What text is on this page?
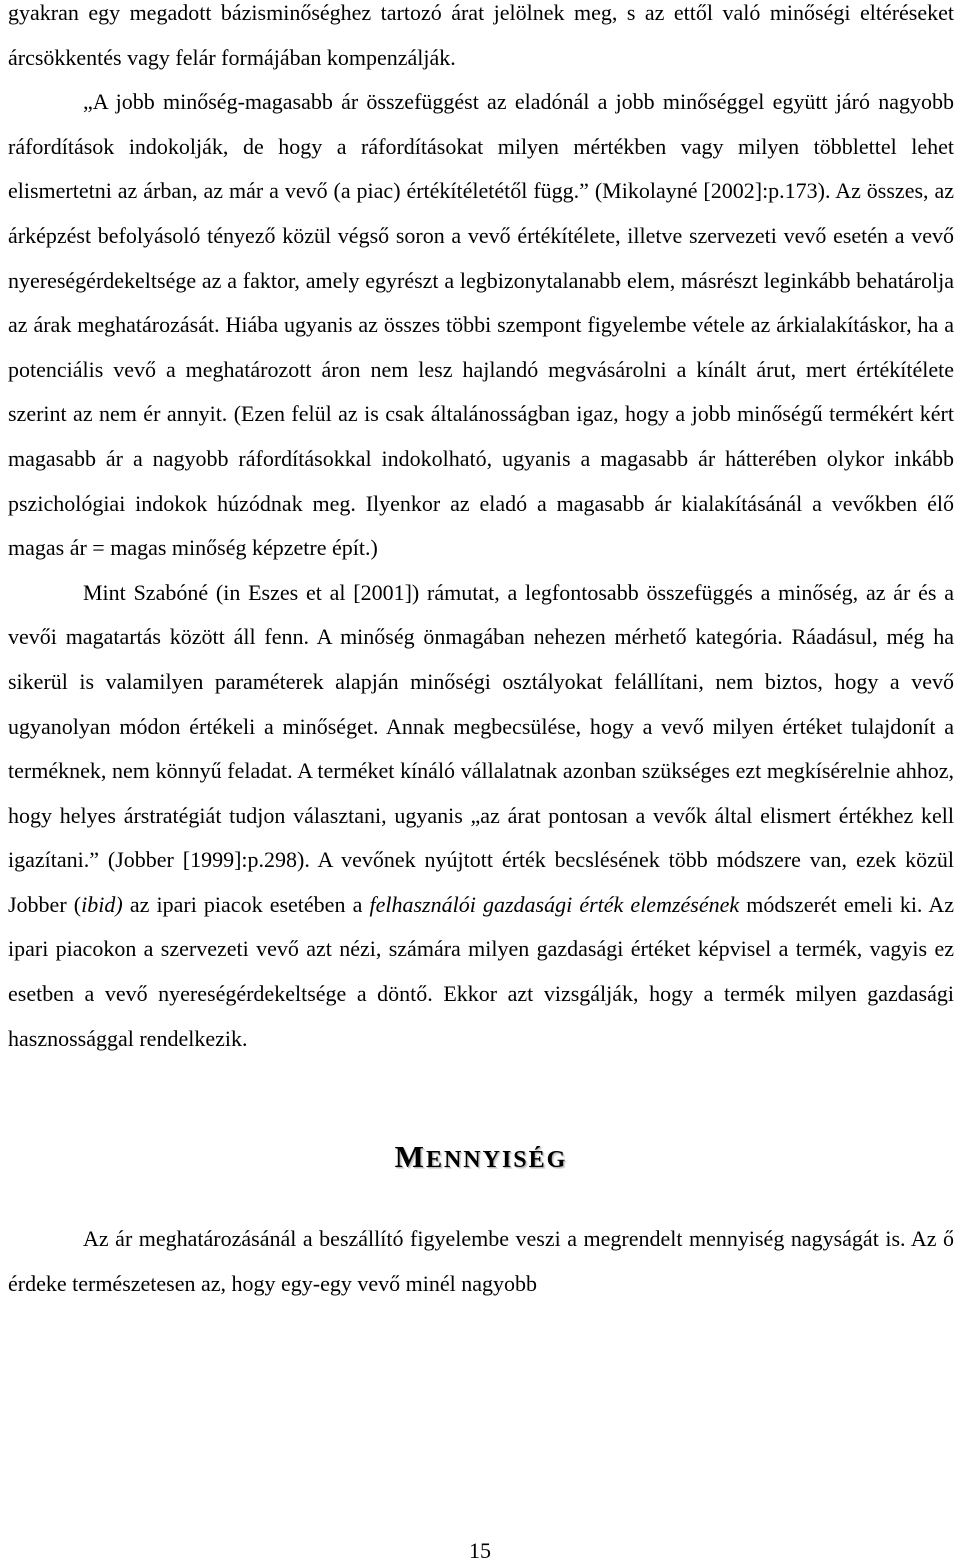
gyakran egy megadott bázisminőséghez tartozó árat jelölnek meg, s az ettől való minőségi eltéréseket árcsökkentés vagy felár formájában kompenzálják.

„A jobb minőség-magasabb ár összefüggést az eladónál a jobb minőséggel együtt járó nagyobb ráfordítások indokolják, de hogy a ráfordításokat milyen mértékben vagy milyen többlettel lehet elismertetni az árban, az már a vevő (a piac) értékítéletétől függ.” (Mikolayné [2002]:p.173). Az összes, az árképzést befolyásoló tényező közül végső soron a vevő értékítélete, illetve szervezeti vevő esetén a vevő nyereségérdekeltsége az a faktor, amely egyrészt a legbizonytalanabb elem, másrészt leginkább behatárolja az árak meghatározását. Hiába ugyanis az összes többi szempont figyelembe vétele az árkialakításkor, ha a potenciális vevő a meghatározott áron nem lesz hajlandó megvásárolni a kínált árut, mert értékítélete szerint az nem ér annyit. (Ezen felül az is csak általánosságban igaz, hogy a jobb minőségű termékért kért magasabb ár a nagyobb ráfordításokkal indokolható, ugyanis a magasabb ár hátterében olykor inkább pszichológiai indokok húzódnak meg. Ilyenkor az eladó a magasabb ár kialakításánál a vevőkben élő magas ár = magas minőség képzetre épít.)

Mint Szabóné (in Eszes et al [2001]) rámutat, a legfontosabb összefüggés a minőség, az ár és a vevői magatartás között áll fenn. A minőség önmagában nehezen mérhető kategória. Ráadásul, még ha sikerül is valamilyen paraméterek alapján minőségi osztályokat felállítani, nem biztos, hogy a vevő ugyanolyan módon értékeli a minőséget. Annak megbecsülése, hogy a vevő milyen értéket tulajdonít a terméknek, nem könnyű feladat. A terméket kínáló vállalatnak azonban szükséges ezt megkísérelnie ahhoz, hogy helyes árstratégiát tudjon választani, ugyanis „az árat pontosan a vevők által elismert értékhez kell igazítani.” (Jobber [1999]:p.298). A vevőnek nyújtott érték becslésének több módszere van, ezek közül Jobber (ibid) az ipari piacok esetében a felhasználói gazdasági érték elemzésének módszerét emeli ki. Az ipari piacokon a szervezeti vevő azt nézi, számára milyen gazdasági értéket képvisel a termék, vagyis ez esetben a vevő nyereségérdekeltsége a döntő. Ekkor azt vizsgálják, hogy a termék milyen gazdasági hasznossággal rendelkezik.

MENNYISÉG

Az ár meghatározásánál a beszállító figyelembe veszi a megrendelt mennyiség nagyságát is. Az ő érdeke természetesen az, hogy egy-egy vevő minél nagyobb

15
